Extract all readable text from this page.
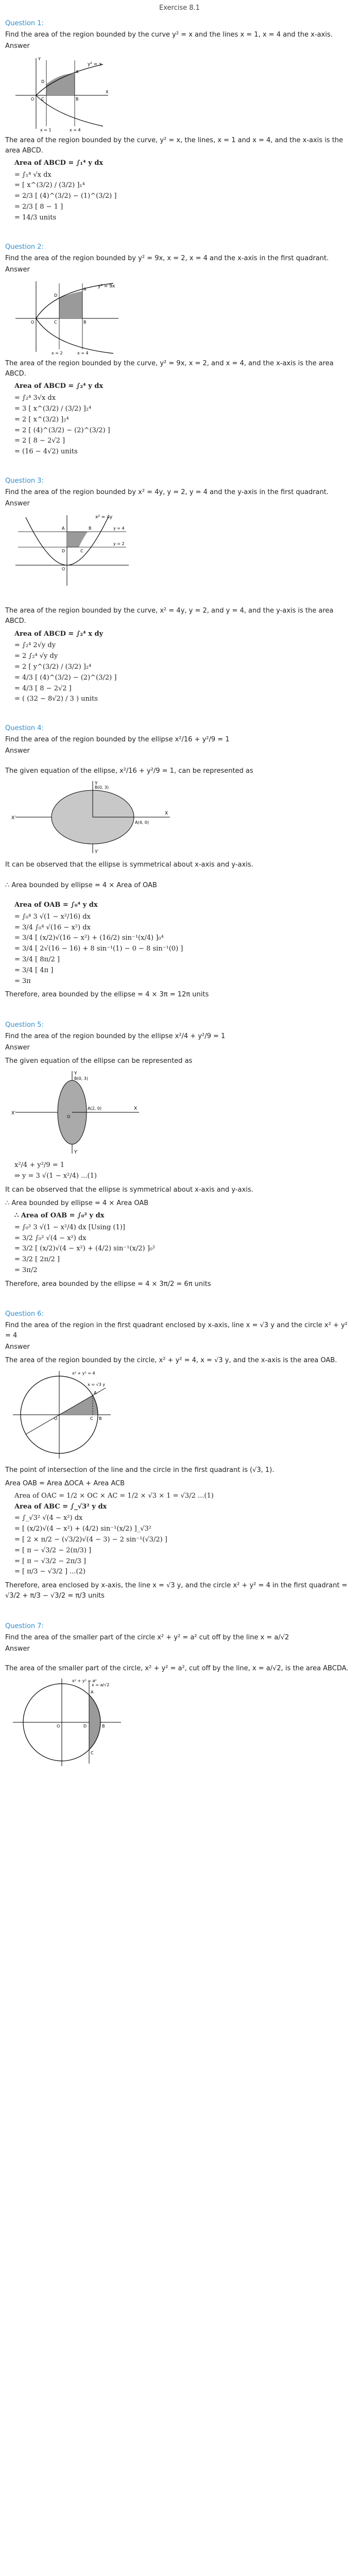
Exercise 8.1
Question 1:
Find the area of the region bounded by the curve y² = x and the lines x = 1, x = 4 and the x-axis.
Answer
y² = x
x = 1	x = 4
A
B
C
D
O
X
Y
The area of the region bounded by the curve, y² = x, the lines, x = 1 and x = 4, and the x-axis is the area ABCD.
Area of ABCD = ∫₁⁴ y dx
= ∫₁⁴ √x dx
= [ x^(3/2) / (3/2) ]₁⁴
= 2/3 [ (4)^(3/2) − (1)^(3/2) ]
= 2/3 [ 8 − 1 ]
= 14/3 units
Question 2:
Find the area of the region bounded by y² = 9x, x = 2, x = 4 and the x-axis in the first quadrant.
Answer
y² = 9x
x = 2	x = 4
A
B
C
D
O
The area of the region bounded by the curve, y² = 9x, x = 2, and x = 4, and the x-axis is the area ABCD.
Area of ABCD = ∫₂⁴ y dx
= ∫₂⁴ 3√x dx
= 3 [ x^(3/2) / (3/2) ]₂⁴
= 2 [ x^(3/2) ]₂⁴
= 2 [ (4)^(3/2) − (2)^(3/2) ]
= 2 [ 8 − 2√2 ]
= (16 − 4√2) units
Question 3:
Find the area of the region bounded by x² = 4y, y = 2, y = 4 and the y-axis in the first quadrant.
Answer
x² = 4y
y = 4
y = 2
A	B
C
D
O
The area of the region bounded by the curve, x² = 4y, y = 2, and y = 4, and the y-axis is the area ABCD.
Area of ABCD = ∫₂⁴ x dy
= ∫₂⁴ 2√y dy
= 2 ∫₂⁴ √y dy
= 2 [ y^(3/2) / (3/2) ]₂⁴
= 4/3 [ (4)^(3/2) − (2)^(3/2) ]
= 4/3 [ 8 − 2√2 ]
= ( (32 − 8√2) / 3 ) units
Question 4:
Find the area of the region bounded by the ellipse x²/16 + y²/9 = 1
Answer
The given equation of the ellipse, x²/16 + y²/9 = 1, can be represented as
X′
X
Y
Y′
A(4, 0)
B(0, 3)
It can be observed that the ellipse is symmetrical about x-axis and y-axis.
∴ Area bounded by ellipse = 4 × Area of OAB
Area of OAB = ∫₀⁴ y dx
= ∫₀⁴ 3 √(1 − x²/16) dx
= 3/4 ∫₀⁴ √(16 − x²) dx
= 3/4 [ (x/2)√(16 − x²) + (16/2) sin⁻¹(x/4) ]₀⁴
= 3/4 [ 2√(16 − 16) + 8 sin⁻¹(1) − 0 − 8 sin⁻¹(0) ]
= 3/4 [ 8π/2 ]
= 3/4 [ 4π ]
= 3π
Therefore, area bounded by the ellipse = 4 × 3π = 12π units
Question 5:
Find the area of the region bounded by the ellipse x²/4 + y²/9 = 1
Answer
The given equation of the ellipse can be represented as
A(2, 0)
B(0, 3)
X′
X
Y
Y′
O
x²/4 + y²/9 = 1
⇒ y = 3 √(1 − x²/4) ...(1)
It can be observed that the ellipse is symmetrical about x-axis and y-axis.
∴ Area bounded by ellipse = 4 × Area OAB
∴ Area of OAB = ∫₀² y dx
= ∫₀² 3 √(1 − x²/4) dx [Using (1)]
= 3/2 ∫₀² √(4 − x²) dx
= 3/2 [ (x/2)√(4 − x²) + (4/2) sin⁻¹(x/2) ]₀²
= 3/2 [ 2π/2 ]
= 3π/2
Therefore, area bounded by the ellipse = 4 × 3π/2 = 6π units
Question 6:
Find the area of the region in the first quadrant enclosed by x-axis, line x = √3 y and the circle x² + y² = 4
Answer
The area of the region bounded by the circle, x² + y² = 4, x = √3 y, and the x-axis is the area OAB.
x = √3 y
x² + y² = 4
A
B
C
O
The point of intersection of the line and the circle in the first quadrant is (√3, 1).
Area OAB = Area ΔOCA + Area ACB
Area of OAC = 1/2 × OC × AC = 1/2 × √3 × 1 = √3/2 ...(1)
Area of ABC = ∫_√3² y dx
= ∫_√3² √(4 − x²) dx
= [ (x/2)√(4 − x²) + (4/2) sin⁻¹(x/2) ]_√3²
= [ 2 × π/2 − (√3/2)√(4 − 3) − 2 sin⁻¹(√3/2) ]
= [ π − √3/2 − 2(π/3) ]
= [ π − √3/2 − 2π/3 ]
= [ π/3 − √3/2 ] ...(2)
Therefore, area enclosed by x-axis, the line x = √3 y, and the circle x² + y² = 4 in the first quadrant = √3/2 + π/3 − √3/2 = π/3 units
Question 7:
Find the area of the smaller part of the circle x² + y² = a² cut off by the line x = a/√2
Answer
The area of the smaller part of the circle, x² + y² = a², cut off by the line, x = a/√2, is the area ABCDA.
x² + y² = a²
x = a/√2
A
B
C
D
O
